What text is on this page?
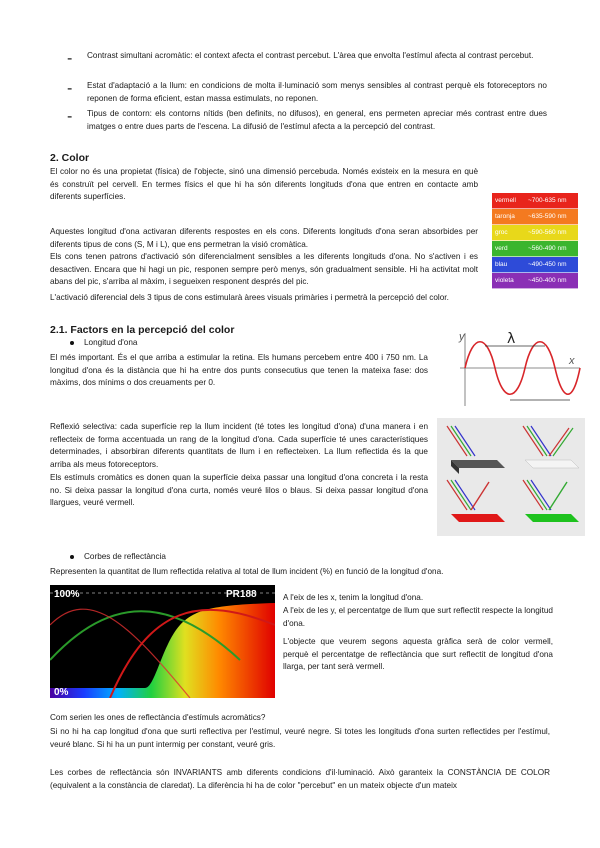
- Contrast simultani acromàtic: el context afecta el contrast percebut. L'àrea que envolta l'estímul afecta al contrast percebut.

- Estat d'adaptació a la llum: en condicions de molta il·luminació som menys sensibles al contrast perquè els fotoreceptors no reponen de forma eficient, estan massa estimulats, no reponen.

- Tipus de contorn: els contorns nítids (ben definits, no difusos), en general, ens permeten apreciar més contrast entre dues imatges o entre dues parts de l'escena. La difusió de l'estímul afecta a la percepció del contrast.

2. Color

El color no és una propietat (física) de l'objecte, sinó una dimensió percebuda. Només existeix en la mesura en què és construït pel cervell. En termes físics el que hi ha són diferents longituds d'ona que entren en contacte amb diferents superfícies.

Aquestes longitud d'ona activaran diferents respostes en els cons. Diferents longituds d'ona seran absorbides per diferents tipus de cons (S, M i L), que ens permetran la visió cromàtica.

Els cons tenen patrons d'activació són diferencialment sensibles a les diferents longituds d'ona. No s'activen i es desactiven. Encara que hi hagi un pic, responen sempre però menys, són gradualment sensible. Hi ha activitat molt abans del pic, s'arriba al màxim, i segueixen responent després del pic.

L'activació diferencial dels 3 tipus de cons estimularà àrees visuals primàries i permetrà la percepció del color.

vermell	~700-635 nm
taronja	~635-590 nm
groc	~590-560 nm
verd	~560-490 nm
blau	~490-450 nm
violeta	~450-400 nm
2.1. Factors en la percepció del color
Longitud d'ona

El més important. És el que arriba a estimular la retina. Els humans percebem entre 400 i 750 nm. La longitud d'ona és la distància que hi ha entre dos punts consecutius que tenen la mateixa fase: dos màxims, dos mínims o dos creuaments per 0.

y
x
λ

Reflexió selectiva: cada superfície rep la llum incident (té totes les longitud d'ona) d'una manera i en reflecteix de forma accentuada un rang de la longitud d'ona. Cada superfície té unes característiques determinades, i absorbiran diferents quantitats de llum i en reflecteixen. La llum reflectida és la que arriba als meus fotoreceptors.

Els estímuls cromàtics es donen quan la superfície deixa passar una longitud d'ona concreta i la resta no. Si deixa passar la longitud d'ona curta, només veuré lilos o blaus. Si deixa passar longitud d'ona llargues, veuré vermell.

Corbes de reflectància

Representen la quantitat de llum reflectida relativa al total de llum incident (%) en funció de la longitud d'ona.

100%
0%
PR188	A l'eix de les x, tenim la longitud d'ona.

A l'eix de les y, el percentatge de llum que surt reflectit respecte la longitud d'ona.

L'objecte que veurem segons aquesta gràfica serà de color vermell, perquè el percentatge de reflectància que surt reflectit de longitud d'ona llarga, per tant serà vermell.

Com serien les ones de reflectància d'estímuls acromàtics?

Si no hi ha cap longitud d'ona que surti reflectiva per l'estímul, veuré negre. Si totes les longituds d'ona surten reflectides per l'estímul, veuré blanc. Si hi ha un punt intermig per constant, veuré gris.

Les corbes de reflectància són INVARIANTS amb diferents condicions d'il·luminació. Això garanteix la CONSTÀNCIA DE COLOR (equivalent a la constància de claredat). La diferència hi ha de color "percebut" en un mateix objecte d'un mateix
